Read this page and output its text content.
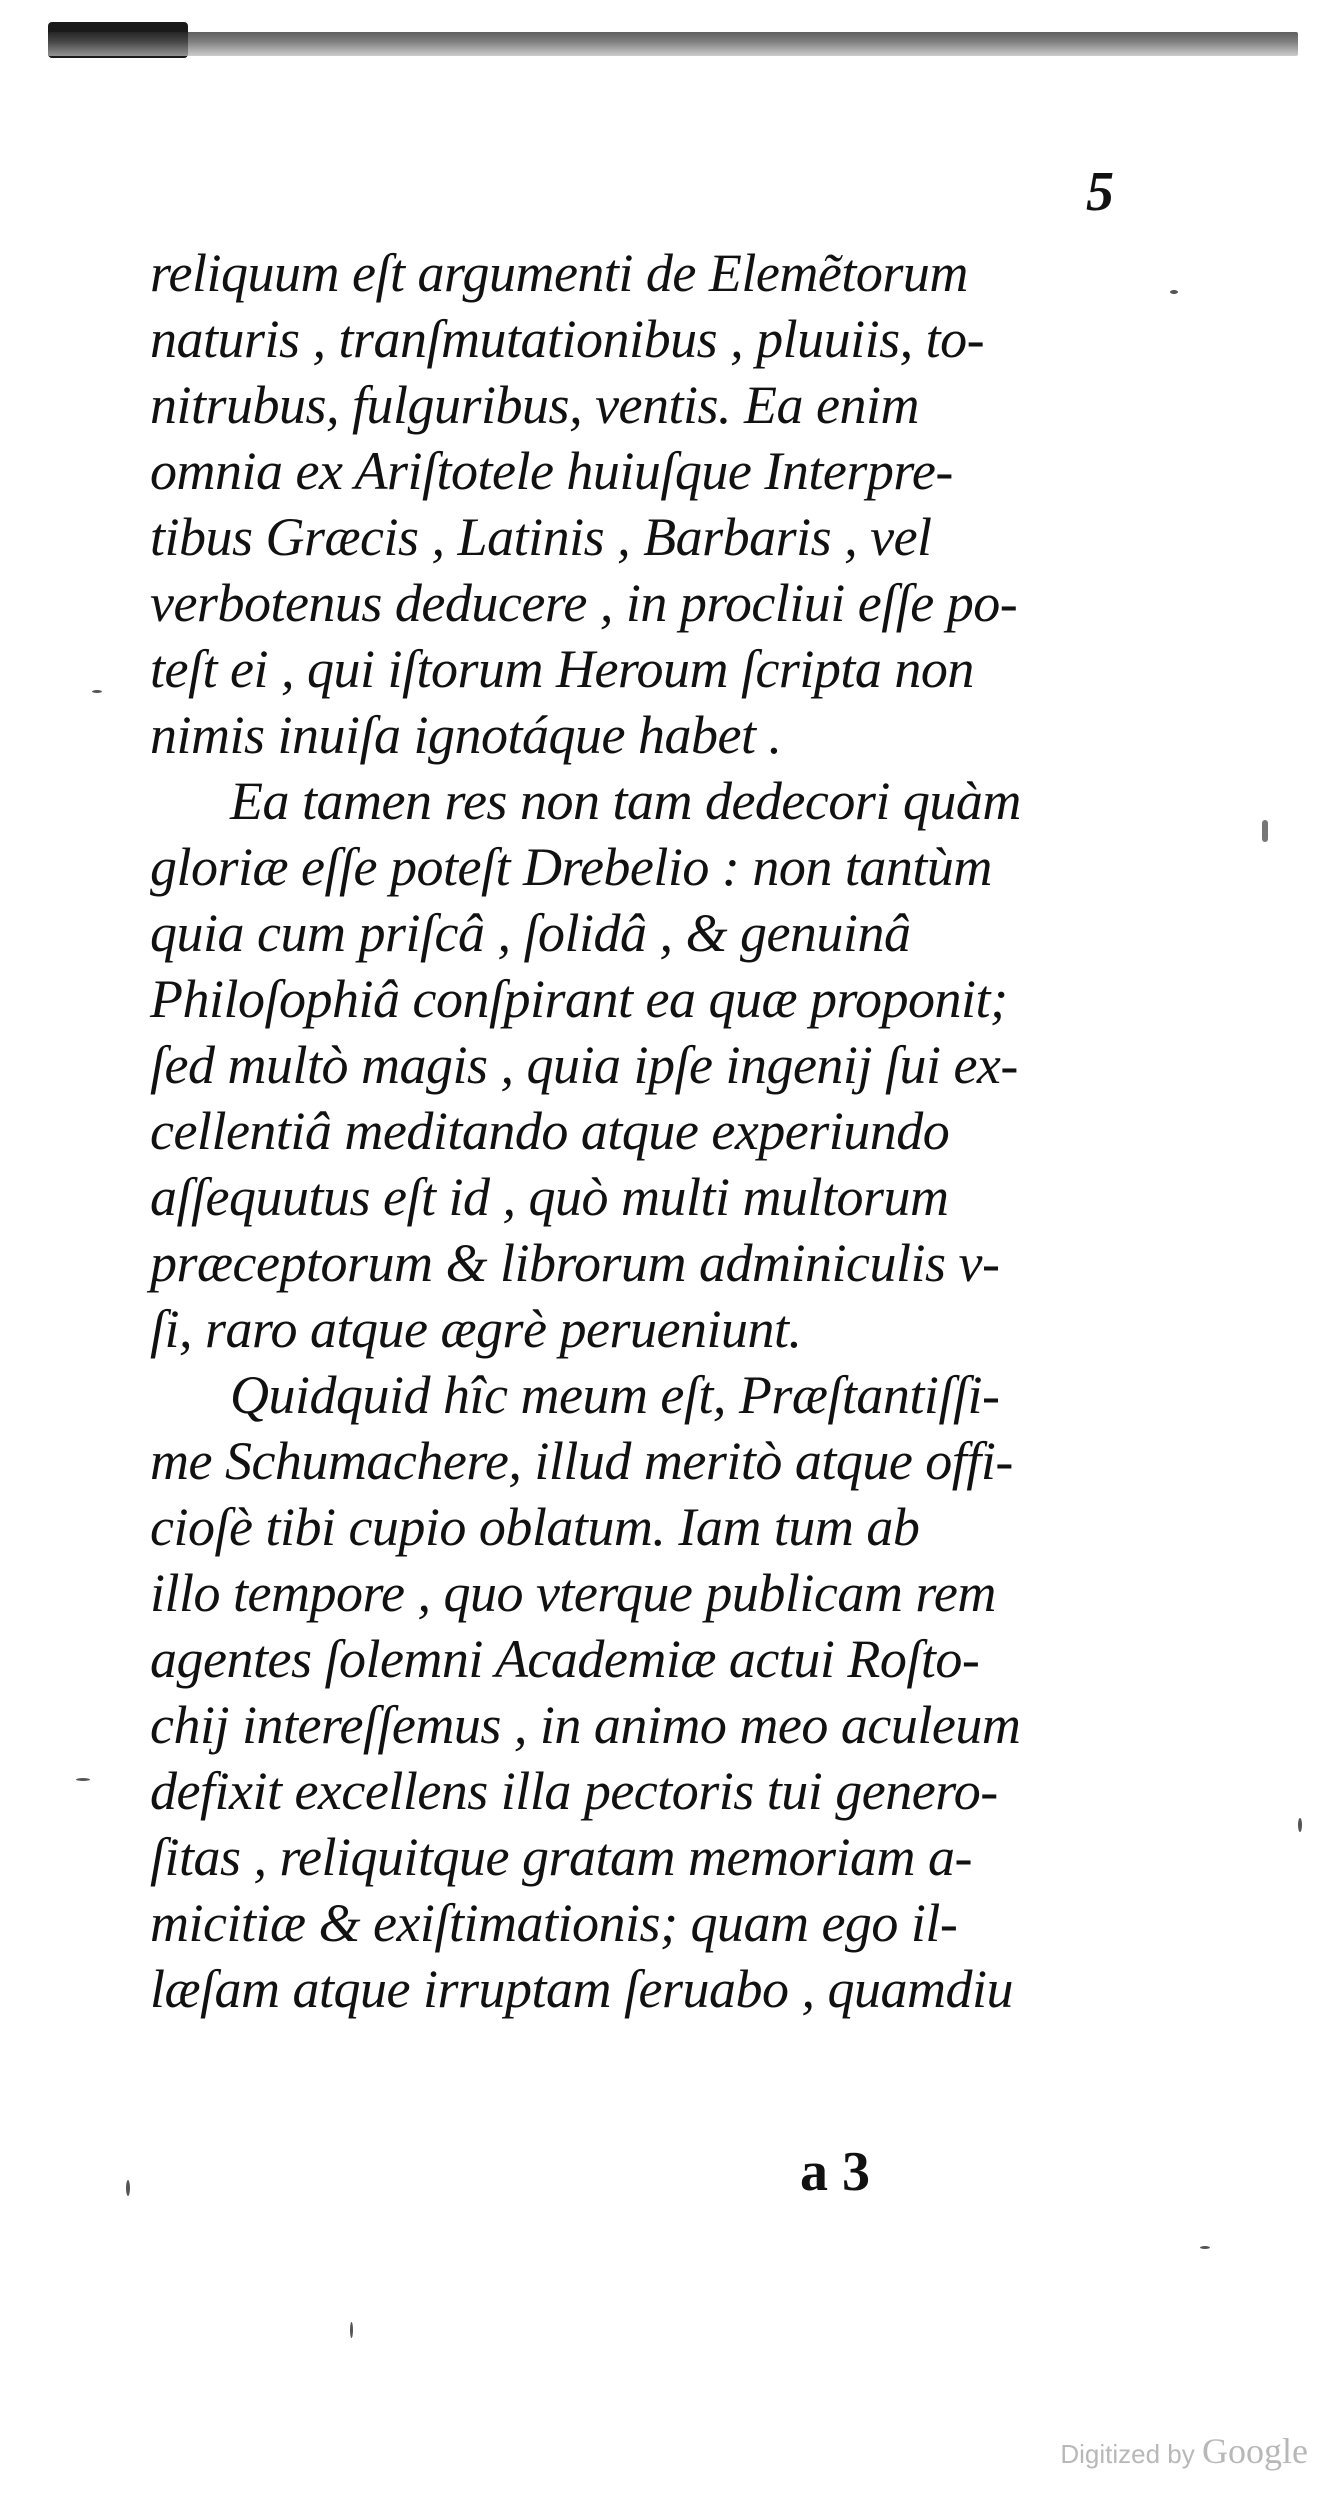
5
reliquum eſt argumenti de Elemẽtorum
naturis , tranſmutationibus , pluuiis, to-
nitrubus, fulguribus, ventis. Ea enim
omnia ex Ariſtotele huiuſque Interpre-
tibus Græcis , Latinis , Barbaris , vel
verbotenus deducere , in procliui eſſe po-
teſt ei , qui iſtorum Heroum ſcripta non
nimis inuiſa ignotáque habet .
Ea tamen res non tam dedecori quàm
gloriæ eſſe poteſt Drebelio : non tantùm
quia cum priſcâ , ſolidâ , & genuinâ
Philoſophiâ conſpirant ea quæ proponit;
ſed multò magis , quia ipſe ingenij ſui ex-
cellentiâ meditando atque experiundo
aſſequutus eſt id , quò multi multorum
præceptorum & librorum adminiculis v-
ſi, raro atque ægrè perueniunt.
Quidquid hîc meum eſt, Præſtantiſſi-
me Schumachere, illud meritò atque offi-
cioſè tibi cupio oblatum. Iam tum ab
illo tempore , quo vterque publicam rem
agentes ſolemni Academiæ actui Roſto-
chij intereſſemus , in animo meo aculeum
defixit excellens illa pectoris tui genero-
ſitas , reliquitque gratam memoriam a-
micitiæ & exiſtimationis; quam ego il-
læſam atque irruptam ſeruabo , quamdiu
a 3
Digitized by Google
